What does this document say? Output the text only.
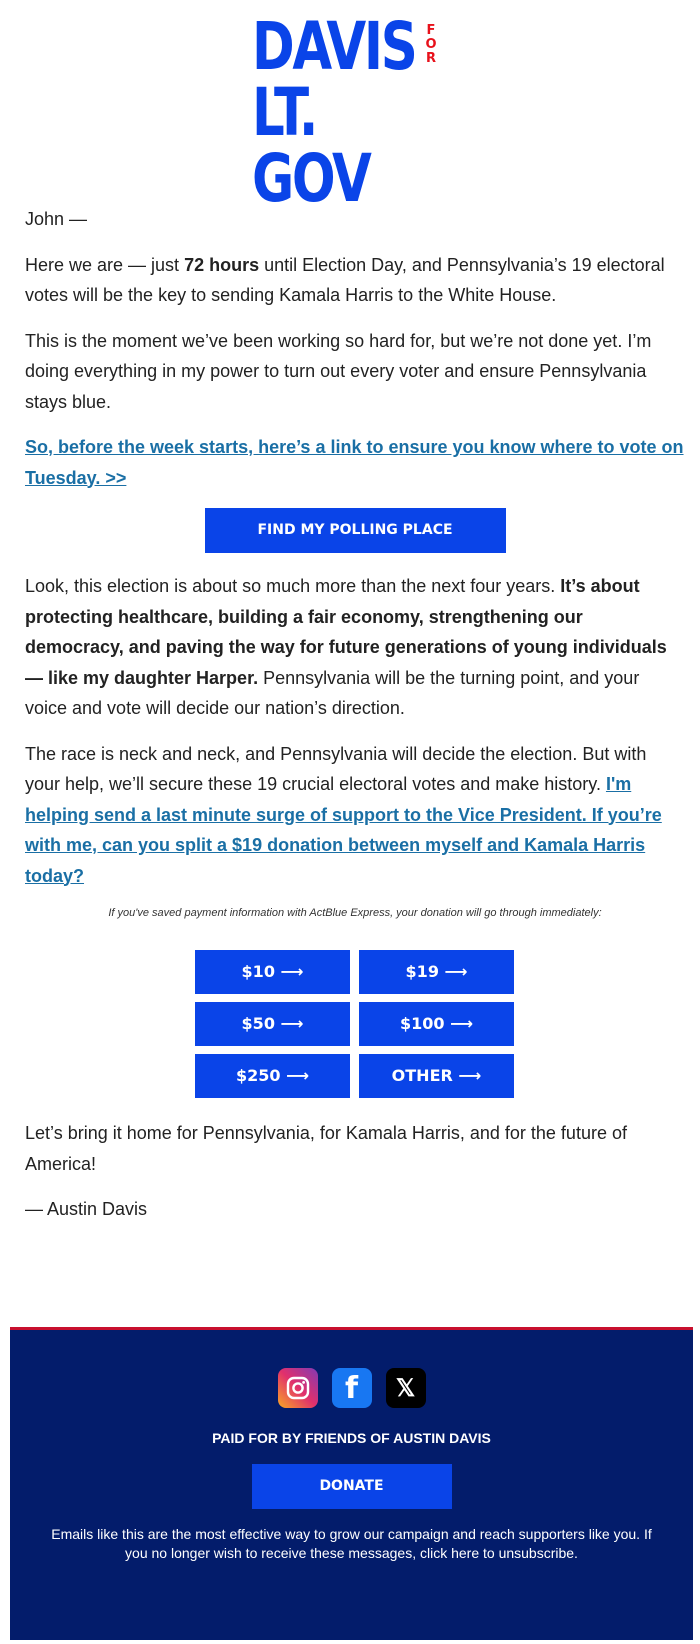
DAVIS FOR
LT. GOV

John —

Here we are — just 72 hours until Election Day, and Pennsylvania’s 19 electoral votes will be the key to sending Kamala Harris to the White House.

This is the moment we’ve been working so hard for, but we’re not done yet. I’m doing everything in my power to turn out every voter and ensure Pennsylvania stays blue.

So, before the week starts, here’s a link to ensure you know where to vote on Tuesday. >>

FIND MY POLLING PLACE

Look, this election is about so much more than the next four years. It’s about protecting healthcare, building a fair economy, strengthening our democracy, and paving the way for future generations of young individuals — like my daughter Harper. Pennsylvania will be the turning point, and your voice and vote will decide our nation’s direction.

The race is neck and neck, and Pennsylvania will decide the election. But with your help, we’ll secure these 19 crucial electoral votes and make history. I'm helping send a last minute surge of support to the Vice President. If you’re with me, can you split a $19 donation between myself and Kamala Harris today?

If you've saved payment information with ActBlue Express, your donation will go through immediately:
$10 ⟶	$19 ⟶
$50 ⟶	$100 ⟶
$250 ⟶	OTHER ⟶

Let’s bring it home for Pennsylvania, for Kamala Harris, and for the future of America!

— Austin Davis

f	𝕏
PAID FOR BY FRIENDS OF AUSTIN DAVIS
DONATE
Emails like this are the most effective way to grow our campaign and reach supporters like you. If you no longer wish to receive these messages, click here to unsubscribe.
